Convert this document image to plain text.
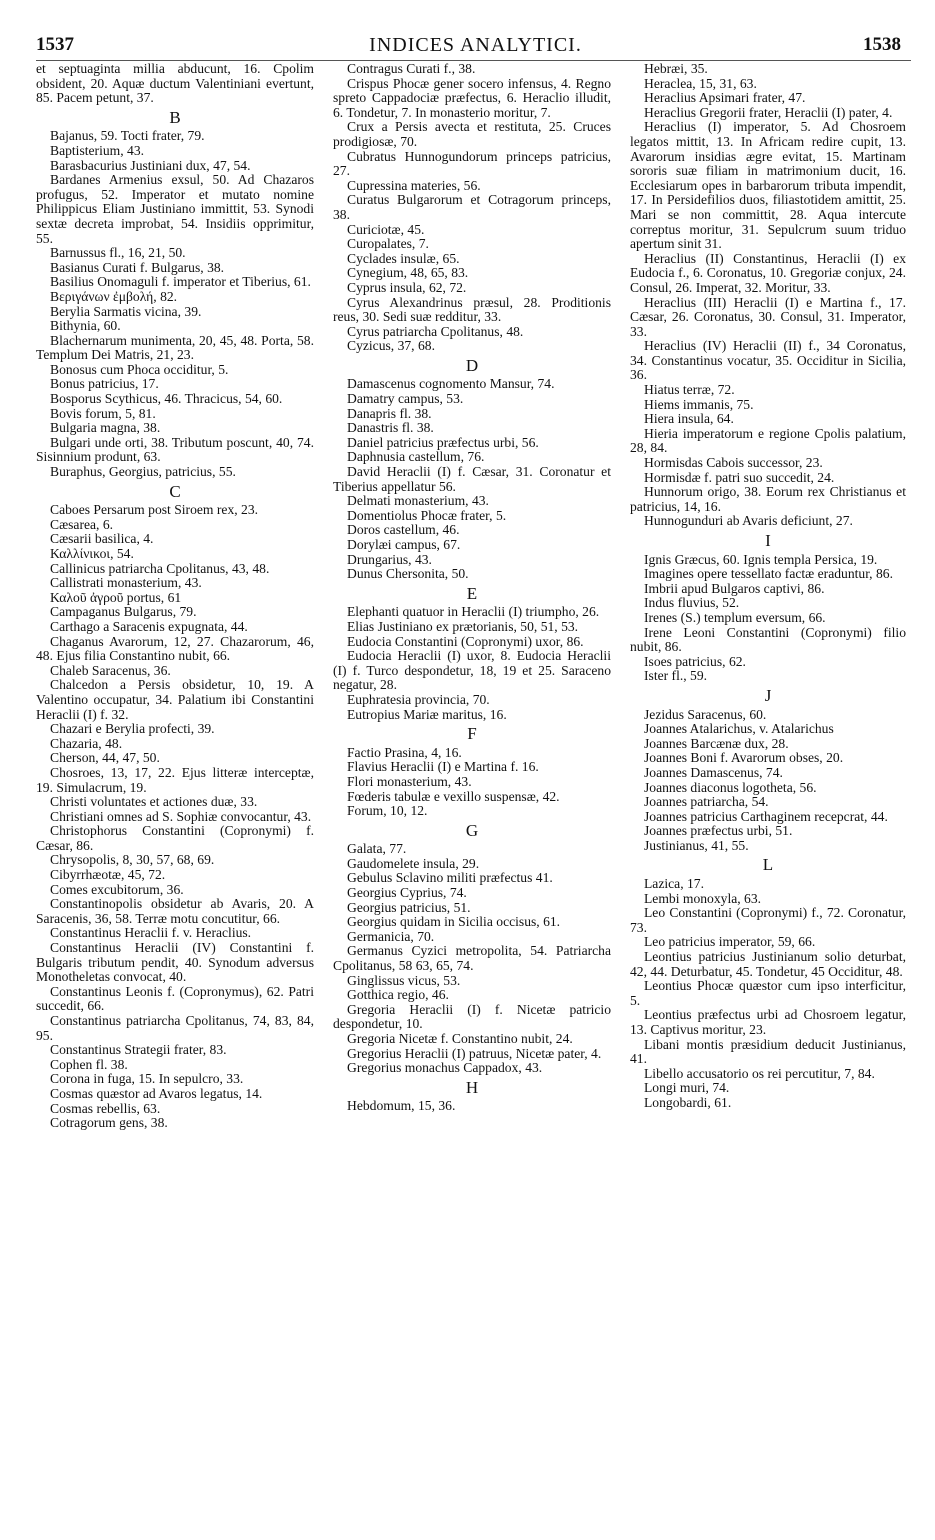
1537	INDICES ANALYTICI.	1538

et septuaginta millia abducunt, 16. Cpolim obsident, 20. Aquæ ductum Valentiniani evertunt, 85. Pacem petunt, 37.

B

Bajanus, 59. Tocti frater, 79.

Baptisterium, 43.

Barasbacurius Justiniani dux, 47, 54.

Bardanes Armenius exsul, 50. Ad Chazaros profugus, 52. Imperator et mutato nomine Philippicus Eliam Justiniano immittit, 53. Synodi sextæ decreta improbat, 54. Insidiis opprimitur, 55.

Barnussus fl., 16, 21, 50.

Basianus Curati f. Bulgarus, 38.

Basilius Onomaguli f. imperator et Tiberius, 61.

Βεριγάνων ἐμβολή, 82.

Berylia Sarmatis vicina, 39.

Bithynia, 60.

Blachernarum munimenta, 20, 45, 48. Porta, 58. Templum Dei Matris, 21, 23.

Bonosus cum Phoca occiditur, 5.

Bonus patricius, 17.

Bosporus Scythicus, 46. Thracicus, 54, 60.

Bovis forum, 5, 81.

Bulgaria magna, 38.

Bulgari unde orti, 38. Tributum poscunt, 40, 74. Sisinnium produnt, 63.

Buraphus, Georgius, patricius, 55.

C

Caboes Persarum post Siroem rex, 23.

Cæsarea, 6.

Cæsarii basilica, 4.

Καλλίνικοι, 54.

Callinicus patriarcha Cpolitanus, 43, 48.

Callistrati monasterium, 43.

Καλοῦ ἀγροῦ portus, 61

Campaganus Bulgarus, 79.

Carthago a Saracenis expugnata, 44.

Chaganus Avarorum, 12, 27. Chazarorum, 46, 48. Ejus filia Constantino nubit, 66.

Chaleb Saracenus, 36.

Chalcedon a Persis obsidetur, 10, 19. A Valentino occupatur, 34. Palatium ibi Constantini Heraclii (I) f. 32.

Chazari e Berylia profecti, 39.

Chazaria, 48.

Cherson, 44, 47, 50.

Chosroes, 13, 17, 22. Ejus litteræ interceptæ, 19. Simulacrum, 19.

Christi voluntates et actiones duæ, 33.

Christiani omnes ad S. Sophiæ convocantur, 43.

Christophorus Constantini (Copronymi) f. Cæsar, 86.

Chrysopolis, 8, 30, 57, 68, 69.

Cibyrrhæotæ, 45, 72.

Comes excubitorum, 36.

Constantinopolis obsidetur ab Avaris, 20. A Saracenis, 36, 58. Terræ motu concutitur, 66.

Constantinus Heraclii f. v. Heraclius.

Constantinus Heraclii (IV) Constantini f. Bulgaris tributum pendit, 40. Synodum adversus Monotheletas convocat, 40.

Constantinus Leonis f. (Copronymus), 62. Patri succedit, 66.

Constantinus patriarcha Cpolitanus, 74, 83, 84, 95.

Constantinus Strategii frater, 83.

Cophen fl. 38.

Corona in fuga, 15. In sepulcro, 33.

Cosmas quæstor ad Avaros legatus, 14.

Cosmas rebellis, 63.

Cotragorum gens, 38.

Contragus Curati f., 38.

Crispus Phocæ gener socero infensus, 4. Regno spreto Cappadociæ præfectus, 6. Heraclio illudit, 6. Tondetur, 7. In monasterio moritur, 7.

Crux a Persis avecta et restituta, 25. Cruces prodigiosæ, 70.

Cubratus Hunnogundorum princeps patricius, 27.

Cupressina materies, 56.

Curatus Bulgarorum et Cotragorum princeps, 38.

Curiciotæ, 45.

Curopalates, 7.

Cyclades insulæ, 65.

Cynegium, 48, 65, 83.

Cyprus insula, 62, 72.

Cyrus Alexandrinus præsul, 28. Proditionis reus, 30. Sedi suæ redditur, 33.

Cyrus patriarcha Cpolitanus, 48.

Cyzicus, 37, 68.

D

Damascenus cognomento Mansur, 74.

Damatry campus, 53.

Danapris fl. 38.

Danastris fl. 38.

Daniel patricius præfectus urbi, 56.

Daphnusia castellum, 76.

David Heraclii (I) f. Cæsar, 31. Coronatur et Tiberius appellatur 56.

Delmati monasterium, 43.

Domentiolus Phocæ frater, 5.

Doros castellum, 46.

Dorylæi campus, 67.

Drungarius, 43.

Dunus Chersonita, 50.

E

Elephanti quatuor in Heraclii (I) triumpho, 26.

Elias Justiniano ex prætorianis, 50, 51, 53.

Eudocia Constantini (Copronymi) uxor, 86.

Eudocia Heraclii (I) uxor, 8. Eudocia Heraclii (I) f. Turco despondetur, 18, 19 et 25. Saraceno negatur, 28.

Euphratesia provincia, 70.

Eutropius Mariæ maritus, 16.

F

Factio Prasina, 4, 16.

Flavius Heraclii (I) e Martina f. 16.

Flori monasterium, 43.

Fœderis tabulæ e vexillo suspensæ, 42.

Forum, 10, 12.

G

Galata, 77.

Gaudomelete insula, 29.

Gebulus Sclavino militi præfectus 41.

Georgius Cyprius, 74.

Georgius patricius, 51.

Georgius quidam in Sicilia occisus, 61.

Germanicia, 70.

Germanus Cyzici metropolita, 54. Patriarcha Cpolitanus, 58 63, 65, 74.

Ginglissus vicus, 53.

Gotthica regio, 46.

Gregoria Heraclii (I) f. Nicetæ patricio despondetur, 10.

Gregoria Nicetæ f. Constantino nubit, 24.

Gregorius Heraclii (I) patruus, Nicetæ pater, 4.

Gregorius monachus Cappadox, 43.

H

Hebdomum, 15, 36.

Hebræi, 35.

Heraclea, 15, 31, 63.

Heraclius Apsimari frater, 47.

Heraclius Gregorii frater, Heraclii (I) pater, 4.

Heraclius (I) imperator, 5. Ad Chosroem legatos mittit, 13. In Africam redire cupit, 13. Avarorum insidias ægre evitat, 15. Martinam sororis suæ filiam in matrimonium ducit, 16. Ecclesiarum opes in barbarorum tributa impendit, 17. In Persidefilios duos, filiastotidem amittit, 25. Mari se non committit, 28. Aqua intercute correptus moritur, 31. Sepulcrum suum triduo apertum sinit 31.

Heraclius (II) Constantinus, Heraclii (I) ex Eudocia f., 6. Coronatus, 10. Gregoriæ conjux, 24. Consul, 26. Imperat, 32. Moritur, 33.

Heraclius (III) Heraclii (I) e Martina f., 17. Cæsar, 26. Coronatus, 30. Consul, 31. Imperator, 33.

Heraclius (IV) Heraclii (II) f., 34 Coronatus, 34. Constantinus vocatur, 35. Occiditur in Sicilia, 36.

Hiatus terræ, 72.

Hiems immanis, 75.

Hiera insula, 64.

Hieria imperatorum e regione Cpolis palatium, 28, 84.

Hormisdas Cabois successor, 23.

Hormisdæ f. patri suo succedit, 24.

Hunnorum origo, 38. Eorum rex Christianus et patricius, 14, 16.

Hunnogunduri ab Avaris deficiunt, 27.

I

Ignis Græcus, 60. Ignis templa Persica, 19.

Imagines opere tessellato factæ eraduntur, 86.

Imbrii apud Bulgaros captivi, 86.

Indus fluvius, 52.

Irenes (S.) templum eversum, 66.

Irene Leoni Constantini (Copronymi) filio nubit, 86.

Isoes patricius, 62.

Ister fl., 59.

J

Jezidus Saracenus, 60.

Joannes Atalarichus, v. Atalarichus

Joannes Barcænæ dux, 28.

Joannes Boni f. Avarorum obses, 20.

Joannes Damascenus, 74.

Joannes diaconus logotheta, 56.

Joannes patriarcha, 54.

Joannes patricius Carthaginem recepcrat, 44.

Joannes præfectus urbi, 51.

Justinianus, 41, 55.

L

Lazica, 17.

Lembi monoxyla, 63.

Leo Constantini (Copronymi) f., 72. Coronatur, 73.

Leo patricius imperator, 59, 66.

Leontius patricius Justinianum solio deturbat, 42, 44. Deturbatur, 45. Tondetur, 45 Occiditur, 48.

Leontius Phocæ quæstor cum ipso interficitur, 5.

Leontius præfectus urbi ad Chosroem legatur, 13. Captivus moritur, 23.

Libani montis præsidium deducit Justinianus, 41.

Libello accusatorio os rei percutitur, 7, 84.

Longi muri, 74.

Longobardi, 61.
